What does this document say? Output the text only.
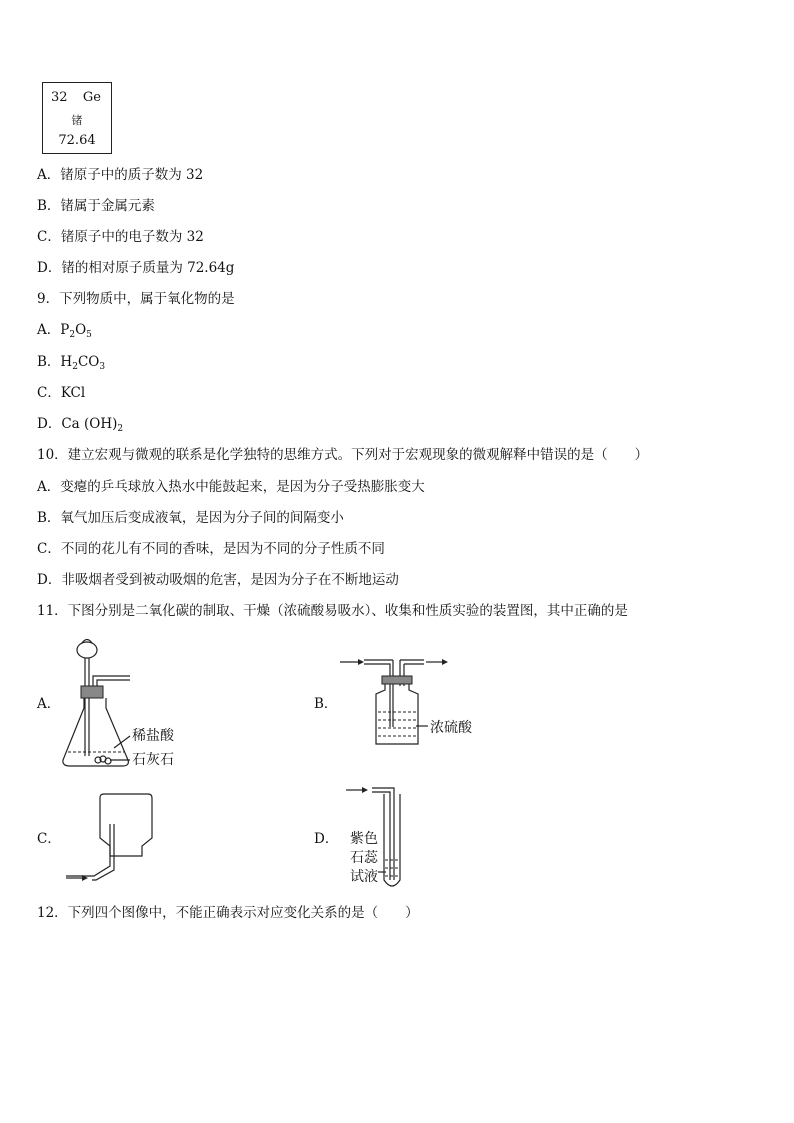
32 Ge
锗
72.64
A．锗原子中的质子数为 32
B．锗属于金属元素
C．锗原子中的电子数为 32
D．锗的相对原子质量为 72.64g
9．下列物质中，属于氧化物的是
A．$P_2O_5$
B．$H_2CO_3$
C．KCl
D．Ca $(OH)_2$
10．建立宏观与微观的联系是化学独特的思维方式。下列对于宏观现象的微观解释中错误的是（　　）
A．变瘪的乒乓球放入热水中能鼓起来，是因为分子受热膨胀变大
B．氧气加压后变成液氧，是因为分子间的间隔变小
C．不同的花儿有不同的香味，是因为不同的分子性质不同
D．非吸烟者受到被动吸烟的危害，是因为分子在不断地运动
11．下图分别是二氧化碳的制取、干燥（浓硫酸易吸水）、收集和性质实验的装置图，其中正确的是
A．
稀盐酸
石灰石
B．
浓硫酸
C．	D． 紫色
石蕊
试液
12．下列四个图像中，不能正确表示对应变化关系的是（　　）
